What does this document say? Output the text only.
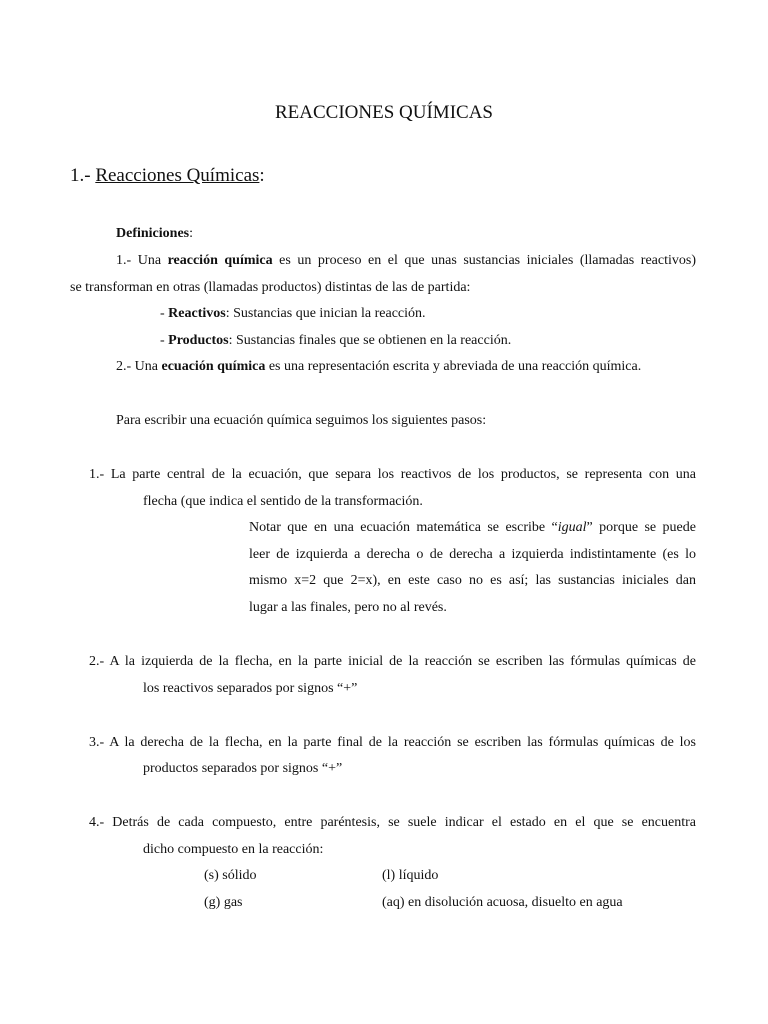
REACCIONES QUÍMICAS
1.- Reacciones Químicas:
Definiciones:
1.- Una reacción química es un proceso en el que unas sustancias iniciales (llamadas reactivos)
se transforman en otras (llamadas productos) distintas de las de partida:
- Reactivos: Sustancias que inician la reacción.
- Productos: Sustancias finales que se obtienen en la reacción.
2.- Una ecuación química es una representación escrita y abreviada de una reacción química.
Para escribir una ecuación química seguimos los siguientes pasos:
1.- La parte central de la ecuación, que separa los reactivos de los productos, se representa con una
flecha (que indica el sentido de la transformación.
Notar que en una ecuación matemática se escribe “igual” porque se puede
leer de izquierda a derecha o de derecha a izquierda indistintamente (es lo
mismo x=2 que 2=x), en este caso no es así; las sustancias iniciales dan
lugar a las finales, pero no al revés.
2.- A la izquierda de la flecha, en la parte inicial de la reacción se escriben las fórmulas químicas de
los reactivos separados por signos “+”
3.- A la derecha de la flecha, en la parte final de la reacción se escriben las fórmulas químicas de los
productos separados por signos “+”
4.- Detrás de cada compuesto, entre paréntesis, se suele indicar el estado en el que se encuentra
dicho compuesto en la reacción:
(s) sólido	(l) líquido
(g) gas	(aq) en disolución acuosa, disuelto en agua
